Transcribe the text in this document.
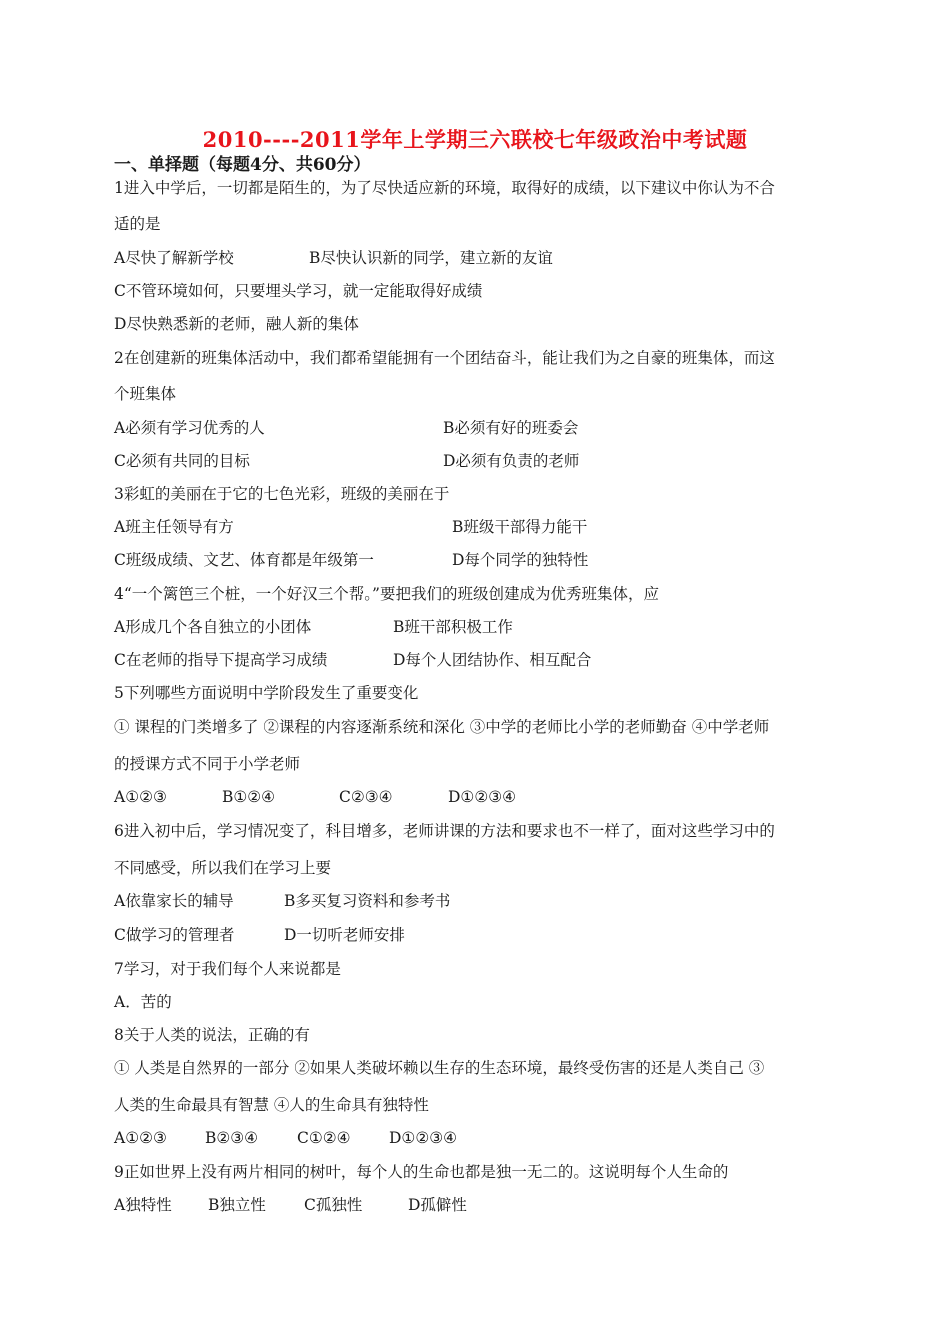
2010----2011学年上学期三六联校七年级政治中考试题
一、单择题（每题4分、共60分）
1进入中学后，一切都是陌生的，为了尽快适应新的环境，取得好的成绩，以下建议中你认为不合
适的是
A尽快了解新学校	B尽快认识新的同学，建立新的友谊
C不管环境如何，只要埋头学习，就一定能取得好成绩
D尽快熟悉新的老师，融人新的集体
2在创建新的班集体活动中，我们都希望能拥有一个团结奋斗，能让我们为之自豪的班集体，而这
个班集体
A必须有学习优秀的人	B必须有好的班委会
C必须有共同的目标	D必须有负责的老师
3彩虹的美丽在于它的七色光彩，班级的美丽在于
A班主任领导有方	B班级干部得力能干
C班级成绩、文艺、体育都是年级第一	D每个同学的独特性
4“一个篱笆三个桩，一个好汉三个帮。”要把我们的班级创建成为优秀班集体，应
A形成几个各自独立的小团体	B班干部积极工作
C在老师的指导下提高学习成绩	D每个人团结协作、相互配合
5下列哪些方面说明中学阶段发生了重要变化
① 课程的门类增多了 ②课程的内容逐渐系统和深化 ③中学的老师比小学的老师勤奋 ④中学老师
的授课方式不同于小学老师
A①②③	B①②④	C②③④	D①②③④
6进入初中后，学习情况变了，科目增多，老师讲课的方法和要求也不一样了，面对这些学习中的
不同感受，所以我们在学习上要
A依靠家长的辅导	B多买复习资料和参考书
C做学习的管理者	D一切听老师安排
7学习，对于我们每个人来说都是
A．苦的
8关于人类的说法，正确的有
① 人类是自然界的一部分 ②如果人类破坏赖以生存的生态环境，最终受伤害的还是人类自己 ③
人类的生命最具有智慧 ④人的生命具有独特性
A①②③ B②③④	C①②④ D①②③④
9正如世界上没有两片相同的树叶，每个人的生命也都是独一无二的。这说明每个人生命的
A独特性 B独立性 C孤独性	D孤僻性
